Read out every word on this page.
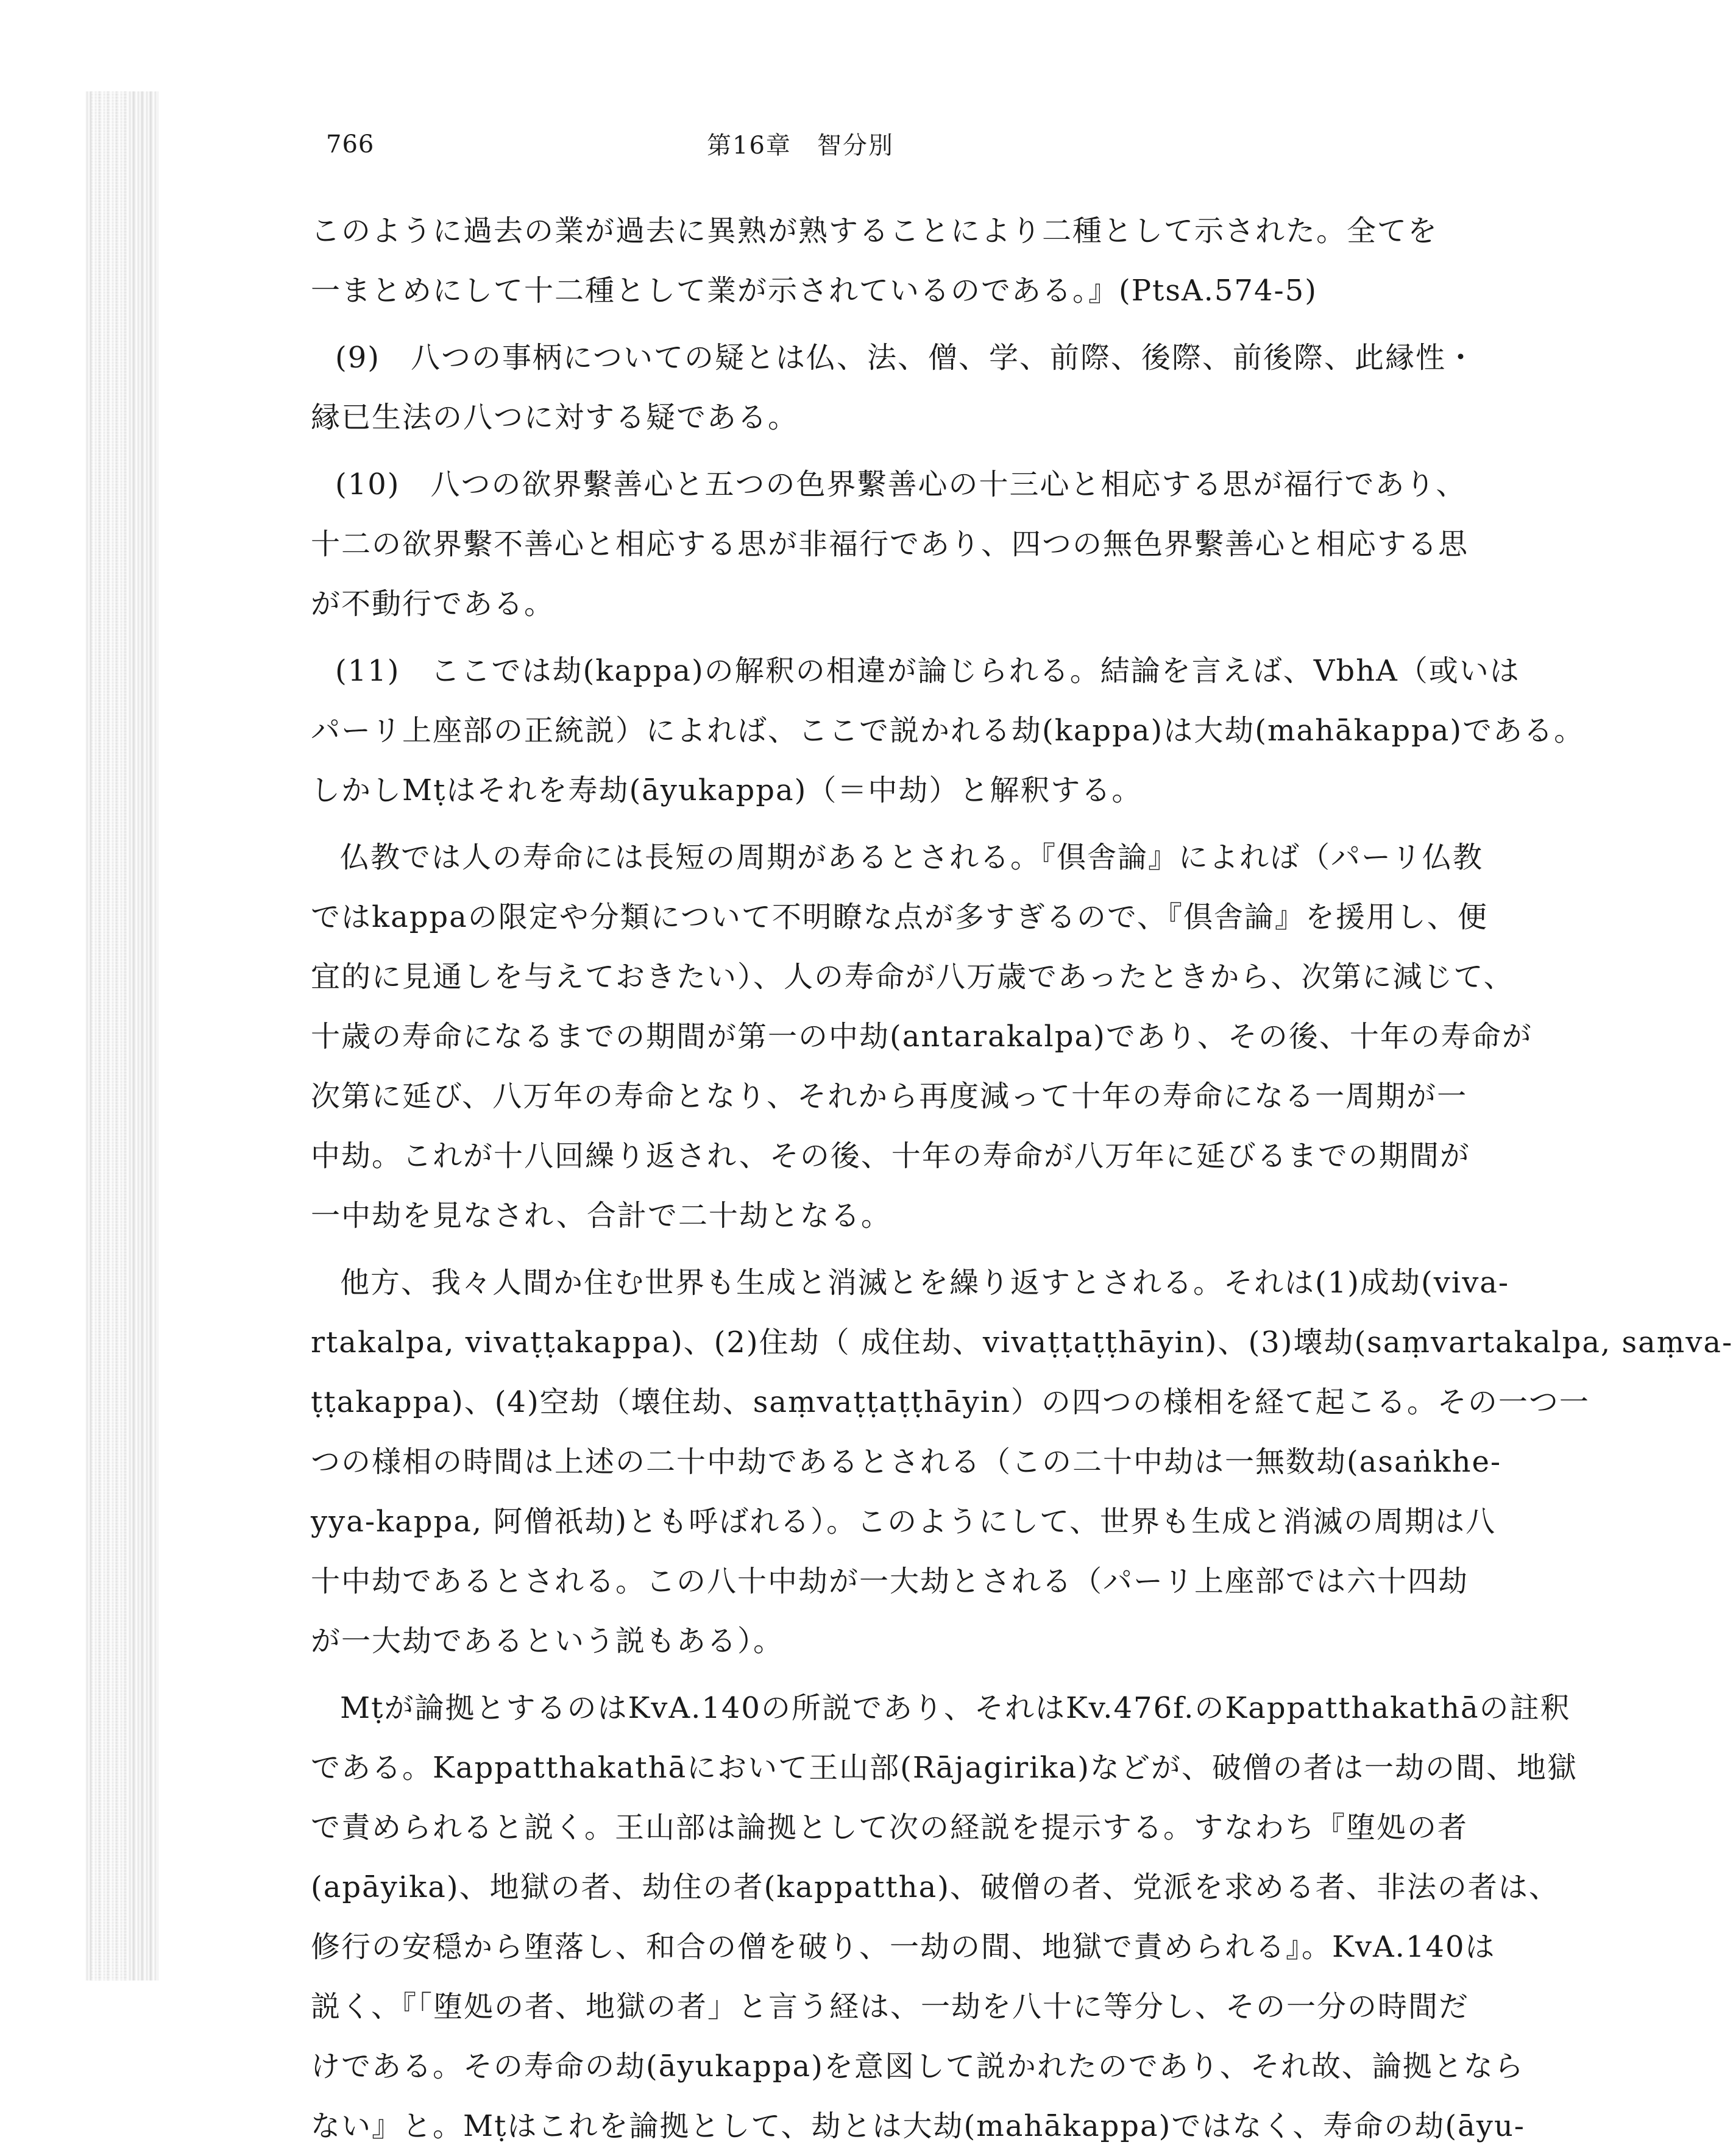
766	第16章　智分別
このように過去の業が過去に異熟が熟することにより二種として示された。全てを
一まとめにして十二種として業が示されているのである。』(PtsA.574-5)
(9)　八つの事柄についての疑とは仏、法、僧、学、前際、後際、前後際、此縁性・
縁已生法の八つに対する疑である。
(10)　八つの欲界繫善心と五つの色界繫善心の十三心と相応する思が福行であり、
十二の欲界繫不善心と相応する思が非福行であり、四つの無色界繫善心と相応する思
が不動行である。
(11)　ここでは劫(kappa)の解釈の相違が論じられる。結論を言えば、VbhA（或いは
パーリ上座部の正統説）によれば、ここで説かれる劫(kappa)は大劫(mahākappa)である。
しかしMṭはそれを寿劫(āyukappa)（＝中劫）と解釈する。
仏教では人の寿命には長短の周期があるとされる。『倶舎論』によれば（パーリ仏教
ではkappaの限定や分類について不明瞭な点が多すぎるので、『倶舎論』を援用し、便
宜的に見通しを与えておきたい）、人の寿命が八万歳であったときから、次第に減じて、
十歳の寿命になるまでの期間が第一の中劫(antarakalpa)であり、その後、十年の寿命が
次第に延び、八万年の寿命となり、それから再度減って十年の寿命になる一周期が一
中劫。これが十八回繰り返され、その後、十年の寿命が八万年に延びるまでの期間が
一中劫を見なされ、合計で二十劫となる。
他方、我々人間か住む世界も生成と消滅とを繰り返すとされる。それは(1)成劫(viva-
rtakalpa, vivaṭṭakappa)、(2)住劫（ 成住劫、vivaṭṭaṭṭhāyin)、(3)壊劫(saṃvartakalpa, saṃva-
ṭṭakappa)、(4)空劫（壊住劫、saṃvaṭṭaṭṭhāyin）の四つの様相を経て起こる。その一つ一
つの様相の時間は上述の二十中劫であるとされる（この二十中劫は一無数劫(asaṅkhe-
yya-kappa, 阿僧祇劫)とも呼ばれる）。このようにして、世界も生成と消滅の周期は八
十中劫であるとされる。この八十中劫が一大劫とされる（パーリ上座部では六十四劫
が一大劫であるという説もある）。
Mṭが論拠とするのはKvA.140の所説であり、それはKv.476f.のKappatthakathāの註釈
である。Kappatthakathāにおいて王山部(Rājagirika)などが、破僧の者は一劫の間、地獄
で責められると説く。王山部は論拠として次の経説を提示する。すなわち『堕処の者
(apāyika)、地獄の者、劫住の者(kappattha)、破僧の者、党派を求める者、非法の者は、
修行の安穏から堕落し、和合の僧を破り、一劫の間、地獄で責められる』。KvA.140は
説く、『「堕処の者、地獄の者」と言う経は、一劫を八十に等分し、その一分の時間だ
けである。その寿命の劫(āyukappa)を意図して説かれたのであり、それ故、論拠となら
ない』と。Mṭはこれを論拠として、劫とは大劫(mahākappa)ではなく、寿命の劫(āyu-
